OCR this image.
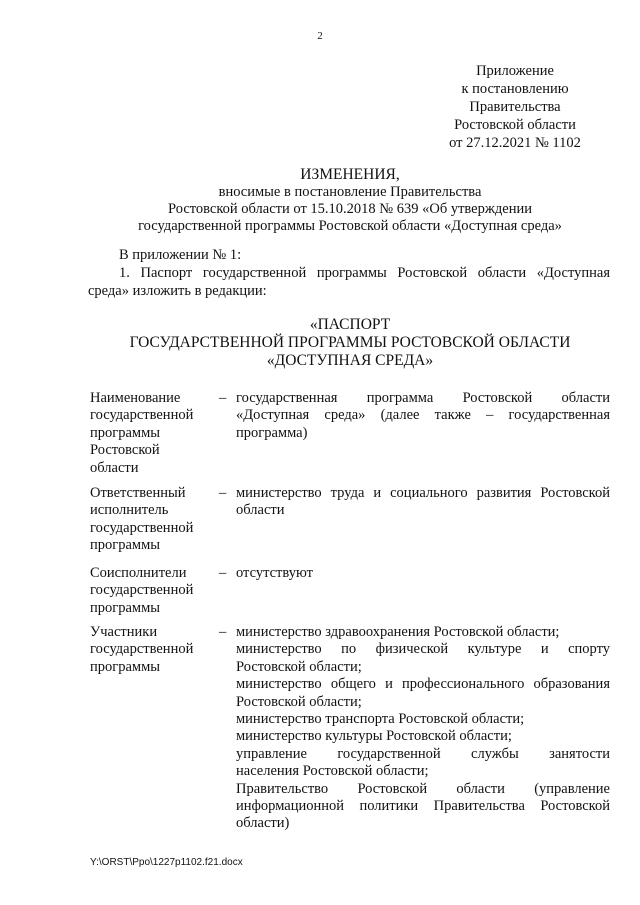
2
Приложение
к постановлению
Правительства
Ростовской области
от 27.12.2021 № 1102
ИЗМЕНЕНИЯ,
вносимые в постановление Правительства
Ростовской области от 15.10.2018 № 639 «Об утверждении
государственной программы Ростовской области «Доступная среда»
В приложении № 1:
1. Паспорт государственной программы Ростовской области «Доступная
среда» изложить в редакции:
«ПАСПОРТ
ГОСУДАРСТВЕННОЙ ПРОГРАММЫ РОСТОВСКОЙ ОБЛАСТИ
«ДОСТУПНАЯ СРЕДА»
Наименование
государственной
программы
Ростовской
области
– государственная программа Ростовской области
«Доступная среда» (далее также – государственная
программа)
Ответственный
исполнитель
государственной
программы
– министерство труда и социального развития Ростовской
области
Соисполнители
государственной
программы
– отсутствуют
Участники
государственной
программы
– министерство здравоохранения Ростовской области;
министерство по физической культуре и спорту
Ростовской области;
министерство общего и профессионального образования
Ростовской области;
министерство транспорта Ростовской области;
министерство культуры Ростовской области;
управление государственной службы занятости
населения Ростовской области;
Правительство Ростовской области (управление
информационной политики Правительства Ростовской
области)
Y:\ORST\Ppo\1227p1102.f21.docx
